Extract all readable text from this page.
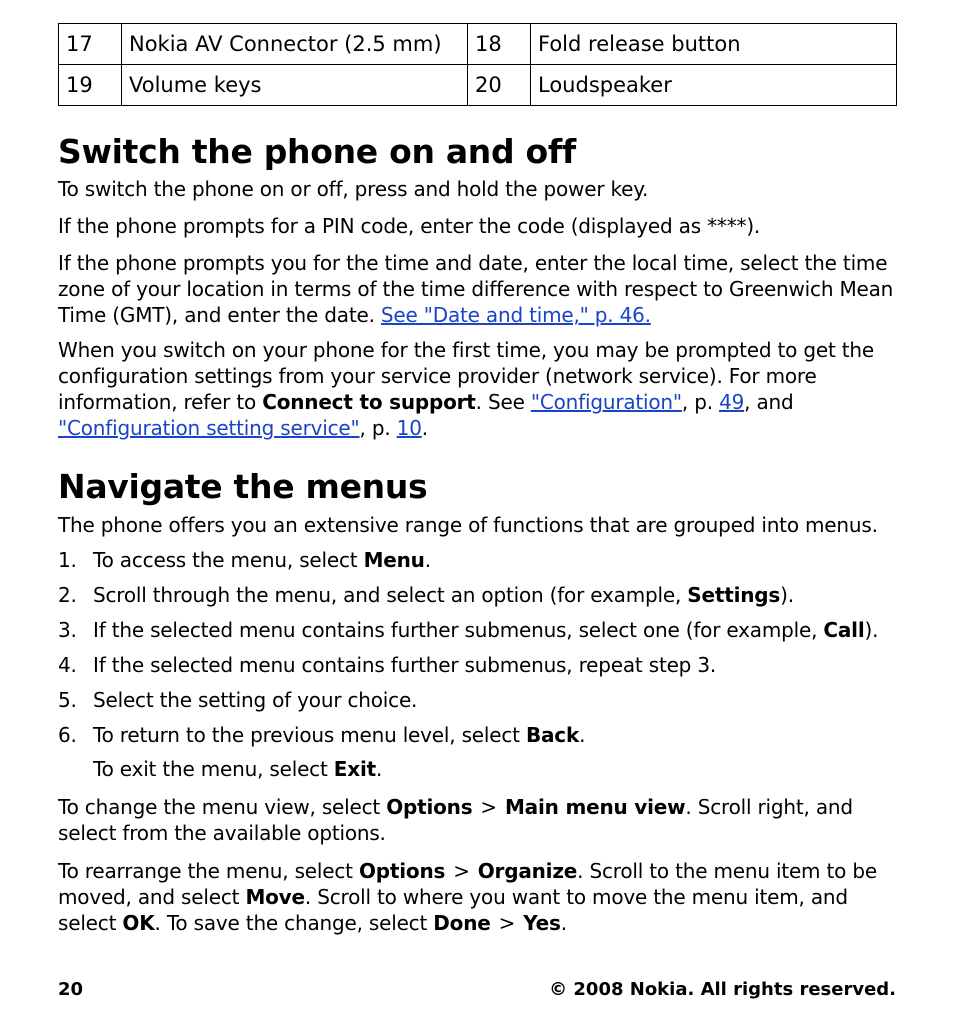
17	Nokia AV Connector (2.5 mm)	18	Fold release button
19	Volume keys	20	Loudspeaker
Switch the phone on and off

To switch the phone on or off, press and hold the power key.

If the phone prompts for a PIN code, enter the code (displayed as ****).

If the phone prompts you for the time and date, enter the local time, select the time zone of your location in terms of the time difference with respect to Greenwich Mean Time (GMT), and enter the date. See "Date and time," p. 46.

When you switch on your phone for the first time, you may be prompted to get the configuration settings from your service provider (network service). For more information, refer to Connect to support. See "Configuration", p. 49, and "Configuration setting service", p. 10.

Navigate the menus

The phone offers you an extensive range of functions that are grouped into menus.

1. To access the menu, select Menu.
2. Scroll through the menu, and select an option (for example, Settings).
3. If the selected menu contains further submenus, select one (for example, Call).
4. If the selected menu contains further submenus, repeat step 3.
5. Select the setting of your choice.
6. To return to the previous menu level, select Back.
To exit the menu, select Exit.

To change the menu view, select Options > Main menu view. Scroll right, and select from the available options.

To rearrange the menu, select Options > Organize. Scroll to the menu item to be moved, and select Move. Scroll to where you want to move the menu item, and select OK. To save the change, select Done > Yes.

20	© 2008 Nokia. All rights reserved.
